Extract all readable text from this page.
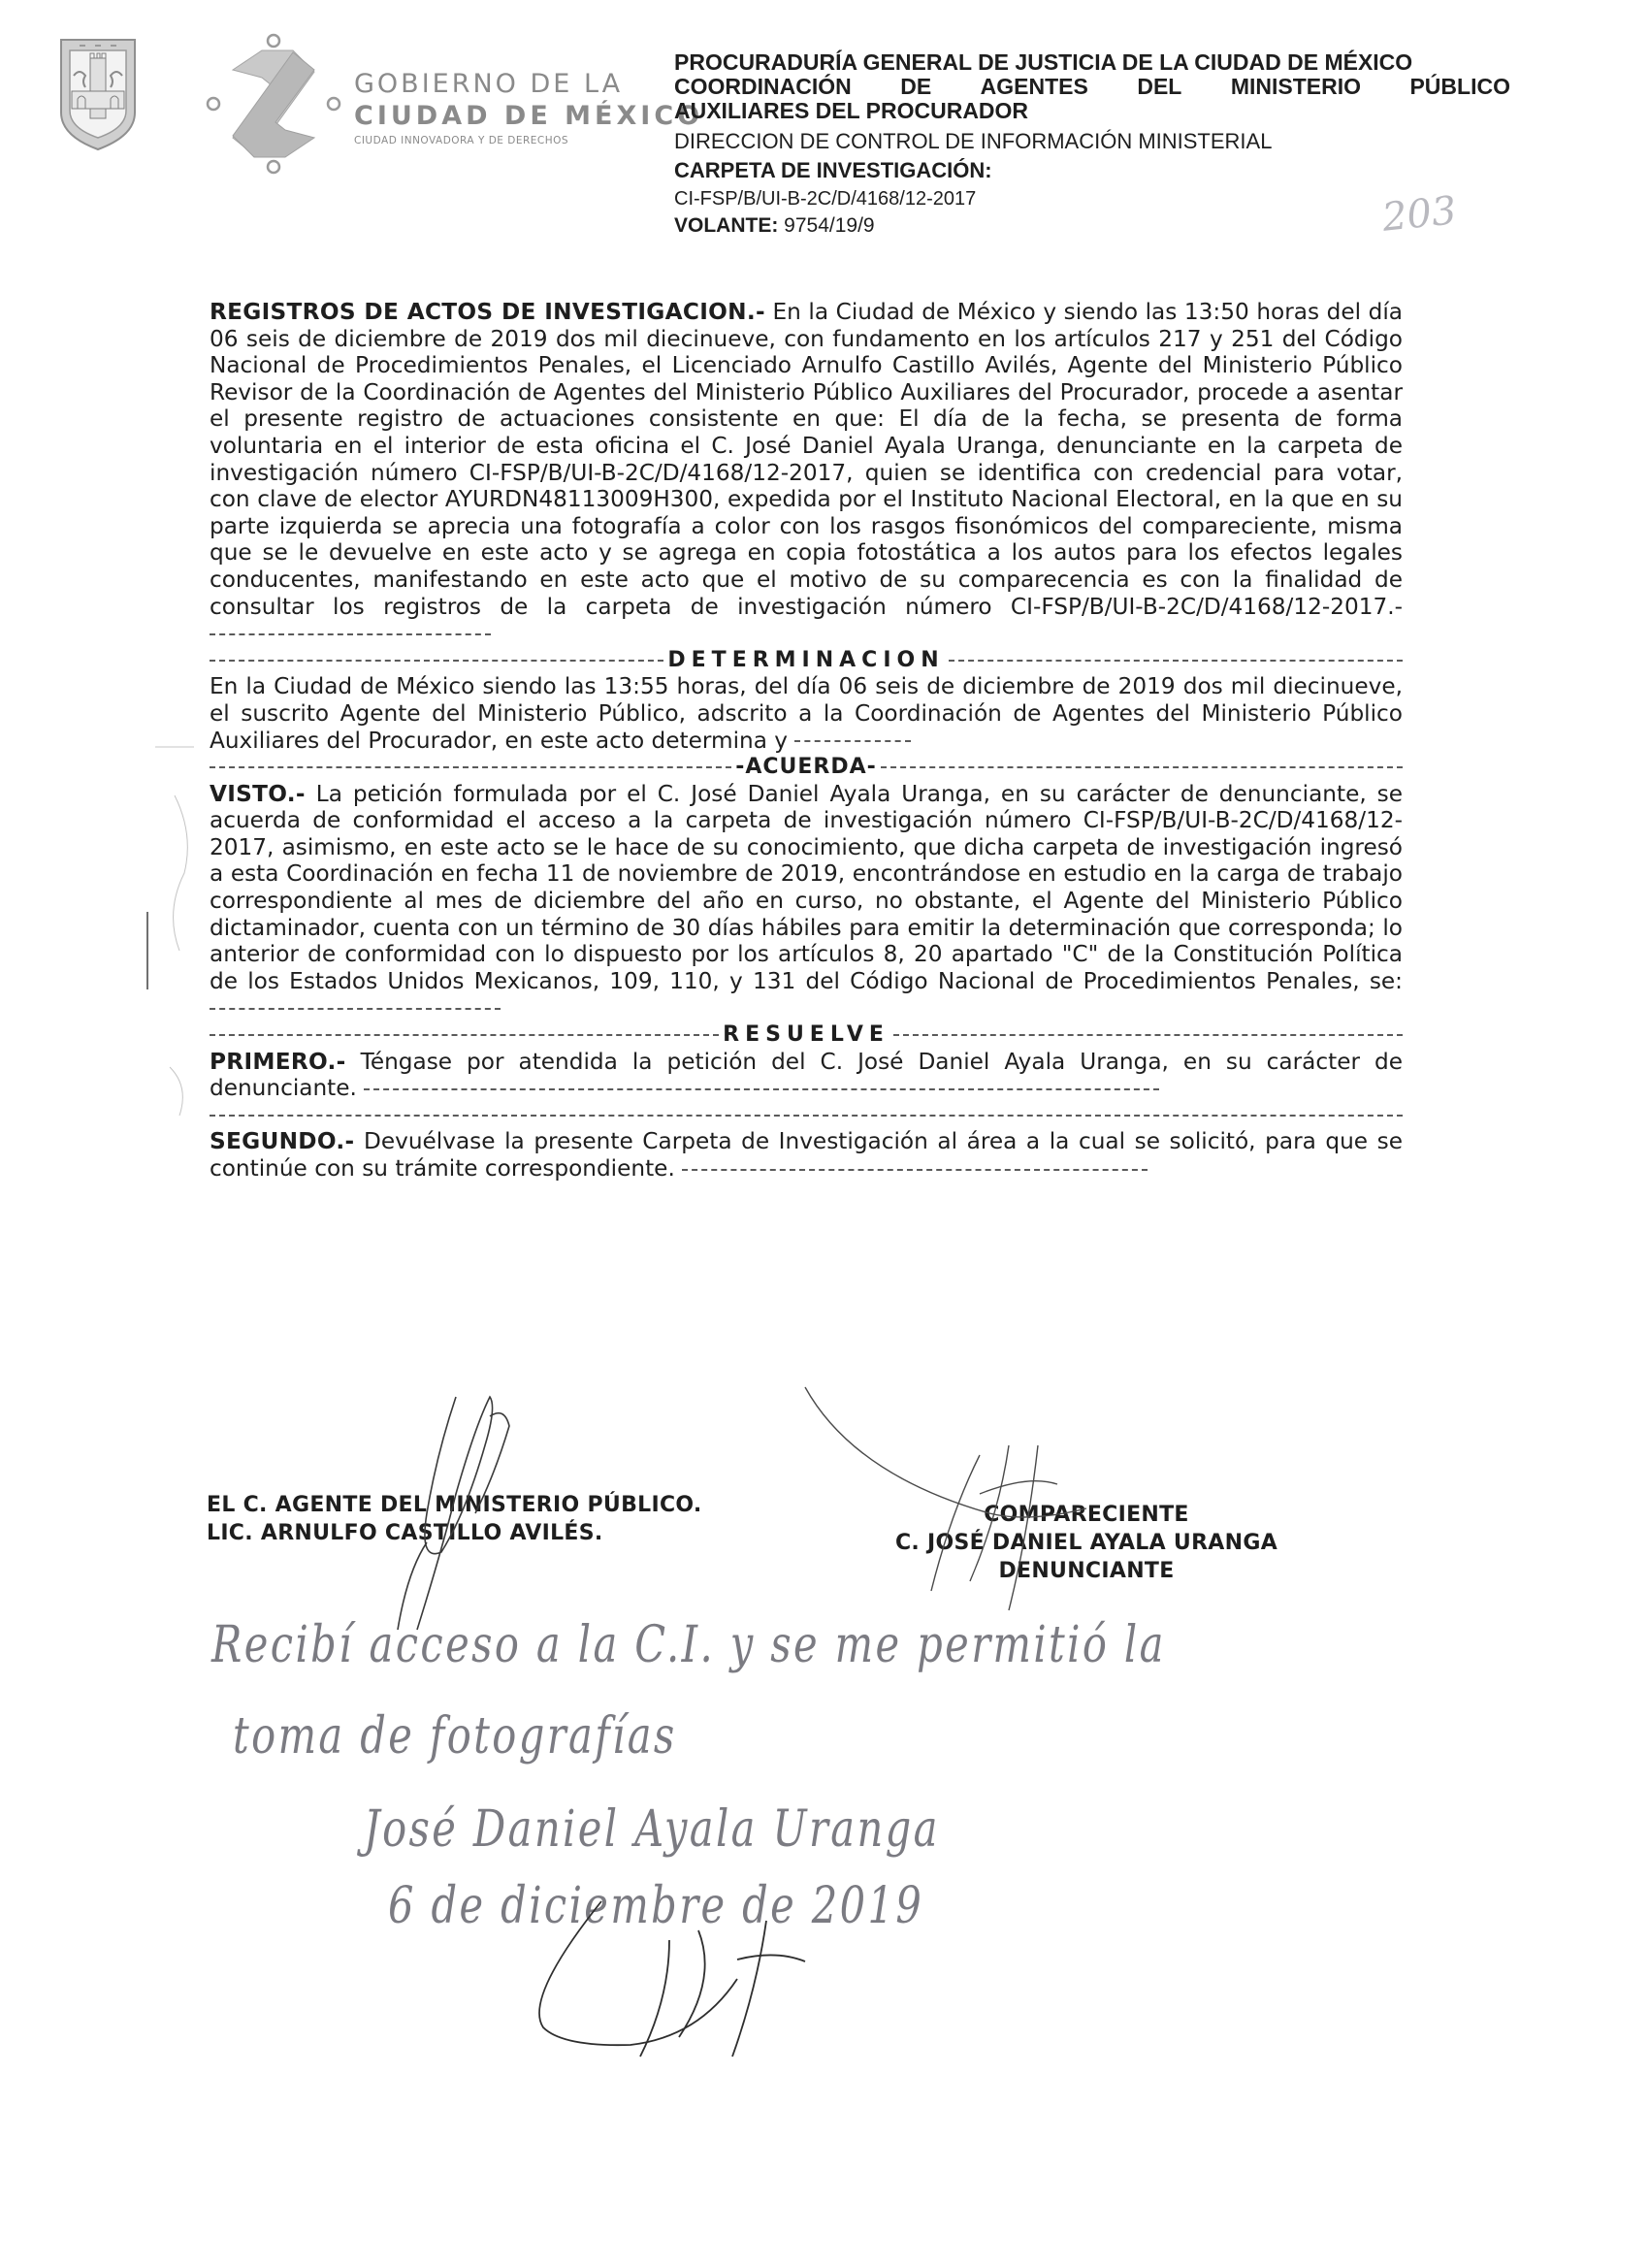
GOBIERNO DE LA
CIUDAD DE MÉXICO
CIUDAD INNOVADORA Y DE DERECHOS
PROCURADURÍA GENERAL DE JUSTICIA DE LA CIUDAD DE MÉXICO
COORDINACIÓN DE AGENTES DEL MINISTERIO PÚBLICO
AUXILIARES DEL PROCURADOR
DIRECCION DE CONTROL DE INFORMACIÓN MINISTERIAL
CARPETA DE INVESTIGACIÓN:
CI-FSP/B/UI-B-2C/D/4168/12-2017
VOLANTE: 9754/19/9	203

REGISTROS DE ACTOS DE INVESTIGACION.- En la Ciudad de México y siendo las 13:50 horas del día 06 seis de diciembre de 2019 dos mil diecinueve, con fundamento en los artículos 217 y 251 del Código Nacional de Procedimientos Penales, el Licenciado Arnulfo Castillo Avilés, Agente del Ministerio Público Revisor de la Coordinación de Agentes del Ministerio Público Auxiliares del Procurador, procede a asentar el presente registro de actuaciones consistente en que: El día de la fecha, se presenta de forma voluntaria en el interior de esta oficina el C. José Daniel Ayala Uranga, denunciante en la carpeta de investigación número CI-FSP/B/UI-B-2C/D/4168/12-2017, quien se identifica con credencial para votar, con clave de elector AYURDN48113009H300, expedida por el Instituto Nacional Electoral, en la que en su parte izquierda se aprecia una fotografía a color con los rasgos fisonómicos del compareciente, misma que se le devuelve en este acto y se agrega en copia fotostática a los autos para los efectos legales conducentes, manifestando en este acto que el motivo de su comparecencia es con la finalidad de consultar los registros de la carpeta de investigación número CI-FSP/B/UI-B-2C/D/4168/12-2017.-

DETERMINACION

En la Ciudad de México siendo las 13:55 horas, del día 06 seis de diciembre de 2019 dos mil diecinueve, el suscrito Agente del Ministerio Público, adscrito a la Coordinación de Agentes del Ministerio Público Auxiliares del Procurador, en este acto determina y

-ACUERDA-

VISTO.- La petición formulada por el C. José Daniel Ayala Uranga, en su carácter de denunciante, se acuerda de conformidad el acceso a la carpeta de investigación número CI-FSP/B/UI-B-2C/D/4168/12-2017, asimismo, en este acto se le hace de su conocimiento, que dicha carpeta de investigación ingresó a esta Coordinación en fecha 11 de noviembre de 2019, encontrándose en estudio en la carga de trabajo correspondiente al mes de diciembre del año en curso, no obstante, el Agente del Ministerio Público dictaminador, cuenta con un término de 30 días hábiles para emitir la determinación que corresponda; lo anterior de conformidad con lo dispuesto por los artículos 8, 20 apartado "C" de la Constitución Política de los Estados Unidos Mexicanos, 109, 110, y 131 del Código Nacional de Procedimientos Penales, se:

RESUELVE

PRIMERO.- Téngase por atendida la petición del C. José Daniel Ayala Uranga, en su carácter de denunciante.

SEGUNDO.- Devuélvase la presente Carpeta de Investigación al área a la cual se solicitó, para que se continúe con su trámite correspondiente.

EL C. AGENTE DEL MINISTERIO PÚBLICO.
LIC. ARNULFO CASTILLO AVILÉS.
COMPARECIENTE
C. JOSÉ DANIEL AYALA URANGA
DENUNCIANTE
Recibí acceso a la C.I. y se me permitió la
toma de fotografías
José Daniel Ayala Uranga
6 de diciembre de 2019
